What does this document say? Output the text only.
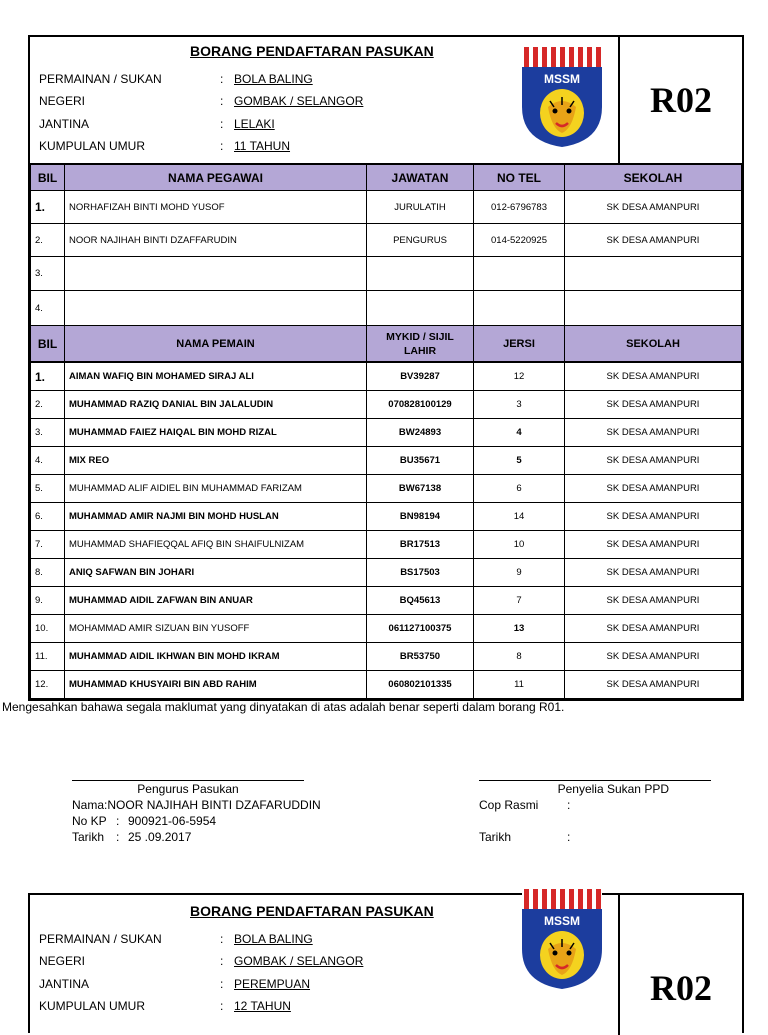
BORANG PENDAFTARAN PASUKAN
PERMAINAN / SUKAN	: BOLA BALING
NEGERI	: GOMBAK / SELANGOR
JANTINA	: LELAKI
KUMPULAN UMUR	: 11 TAHUN
MSSM
R02
BIL	NAMA PEGAWAI	JAWATAN	NO TEL	SEKOLAH
1.	NORHAFIZAH BINTI MOHD YUSOF	JURULATIH	012-6796783	SK DESA AMANPURI
2.	NOOR NAJIHAH BINTI DZAFFARUDIN	PENGURUS	014-5220925	SK DESA AMANPURI
3.				
4.				
BIL	NAMA PEMAIN	MYKID / SIJIL LAHIR	JERSI	SEKOLAH
1.	AIMAN WAFIQ BIN MOHAMED SIRAJ ALI	BV39287	12	SK DESA AMANPURI
2.	MUHAMMAD RAZIQ DANIAL BIN JALALUDIN	070828100129	3	SK DESA AMANPURI
3.	MUHAMMAD FAIEZ HAIQAL BIN MOHD RIZAL	BW24893	4	SK DESA AMANPURI
4.	MIX REO	BU35671	5	SK DESA AMANPURI
5.	MUHAMMAD ALIF AIDIEL BIN MUHAMMAD FARIZAM	BW67138	6	SK DESA AMANPURI
6.	MUHAMMAD AMIR NAJMI BIN MOHD HUSLAN	BN98194	14	SK DESA AMANPURI
7.	MUHAMMAD SHAFIEQQAL AFIQ BIN SHAIFULNIZAM	BR17513	10	SK DESA AMANPURI
8.	ANIQ SAFWAN BIN JOHARI	BS17503	9	SK DESA AMANPURI
9.	MUHAMMAD AIDIL ZAFWAN BIN ANUAR	BQ45613	7	SK DESA AMANPURI
10.	MOHAMMAD AMIR SIZUAN BIN YUSOFF	061127100375	13	SK DESA AMANPURI
11.	MUHAMMAD AIDIL IKHWAN BIN MOHD IKRAM	BR53750	8	SK DESA AMANPURI
12.	MUHAMMAD KHUSYAIRI BIN ABD RAHIM	060802101335	11	SK DESA AMANPURI
Mengesahkan bahawa segala maklumat yang dinyatakan di atas adalah benar seperti dalam borang R01.
Pengurus Pasukan
Nama : NOOR NAJIHAH BINTI DZAFARUDDIN
No KP : 900921-06-5954
Tarikh : 25 .09.2017
Penyelia Sukan PPD
Cop Rasmi	:
Tarikh	:
BORANG PENDAFTARAN PASUKAN
PERMAINAN / SUKAN	: BOLA BALING
NEGERI	: GOMBAK / SELANGOR
JANTINA	: PEREMPUAN
KUMPULAN UMUR	: 12 TAHUN
MSSM
R02
